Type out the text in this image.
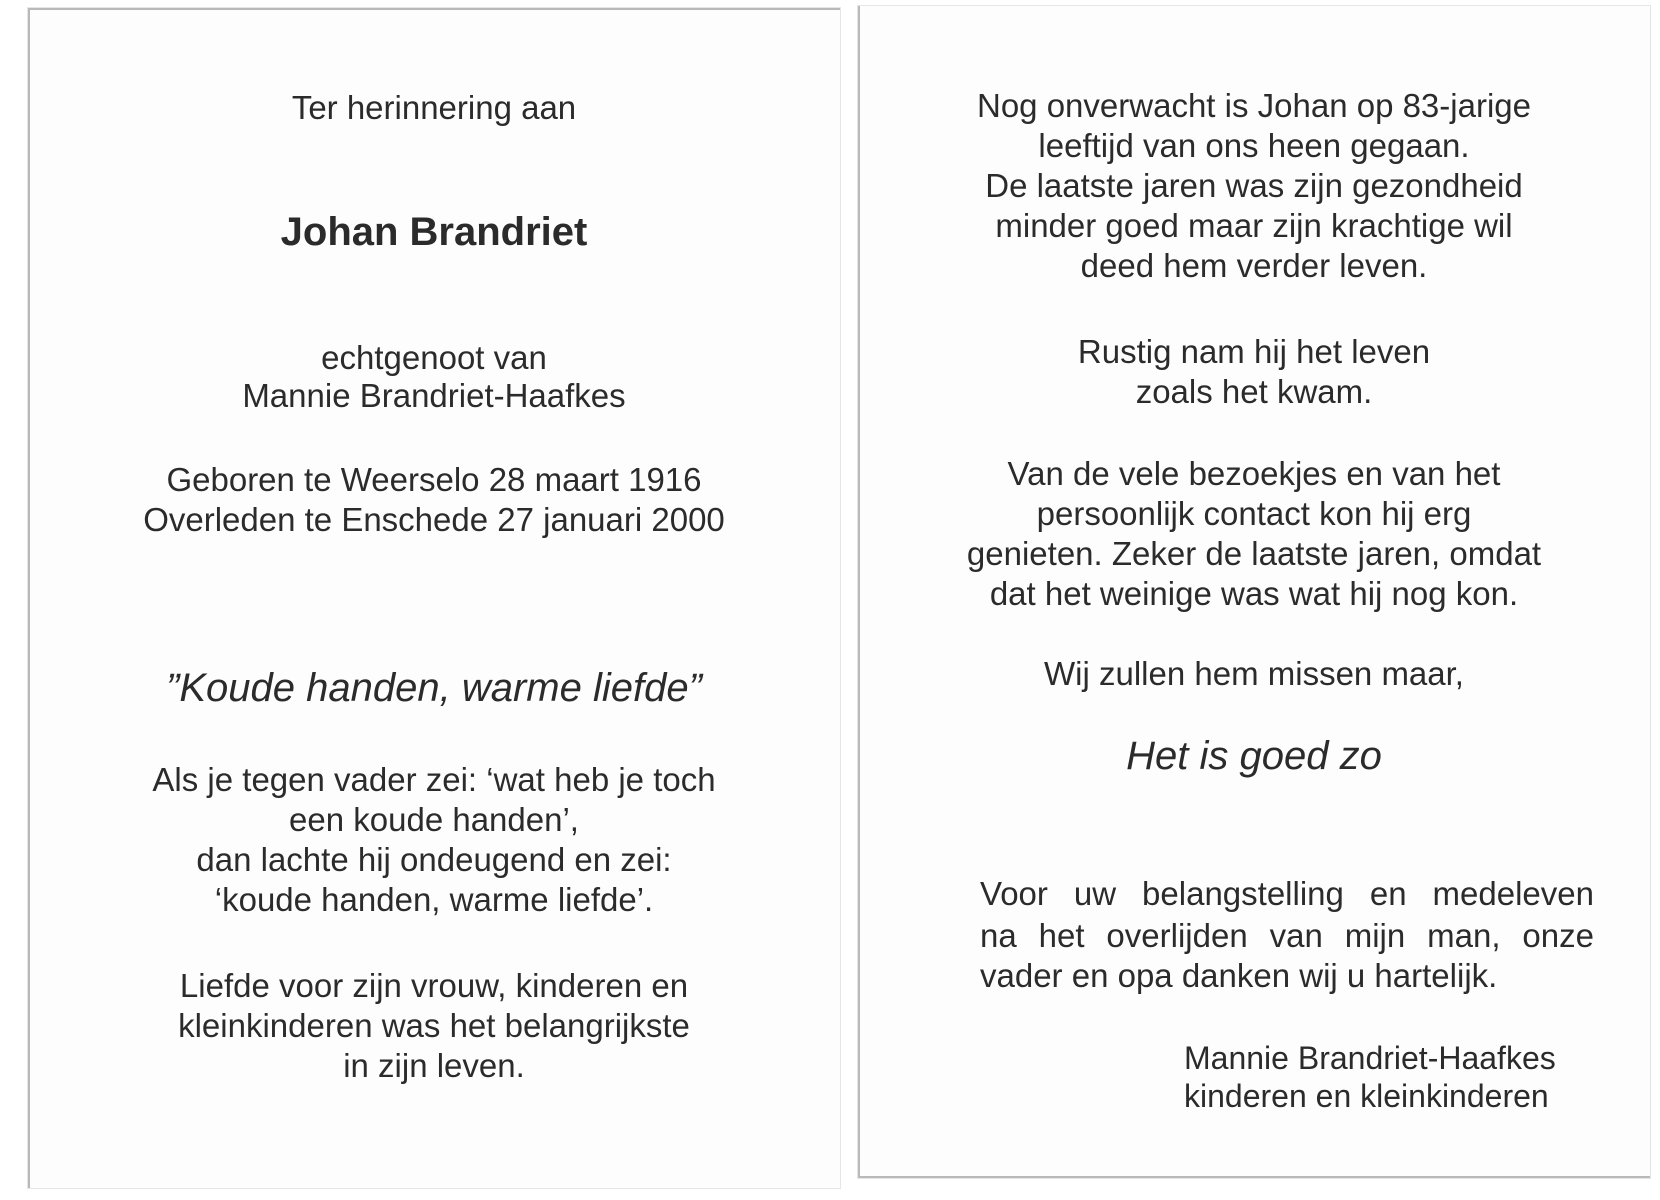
Ter herinnering aan
Johan Brandriet
echtgenoot van
Mannie Brandriet-Haafkes
Geboren te Weerselo 28 maart 1916
Overleden te Enschede 27 januari 2000
”Koude handen, warme liefde”
Als je tegen vader zei: ‘wat heb je toch
een koude handen’,
dan lachte hij ondeugend en zei:
‘koude handen, warme liefde’.
Liefde voor zijn vrouw, kinderen en
kleinkinderen was het belangrijkste
in zijn leven.
Nog onverwacht is Johan op 83-jarige
leeftijd van ons heen gegaan.
De laatste jaren was zijn gezondheid
minder goed maar zijn krachtige wil
deed hem verder leven.
Rustig nam hij het leven
zoals het kwam.
Van de vele bezoekjes en van het
persoonlijk contact kon hij erg
genieten. Zeker de laatste jaren, omdat
dat het weinige was wat hij nog kon.
Wij zullen hem missen maar,
Het is goed zo
Voor uw belangstelling en medeleven
na het overlijden van mijn man, onze
vader en opa danken wij u hartelijk.
Mannie Brandriet-Haafkes
kinderen en kleinkinderen
